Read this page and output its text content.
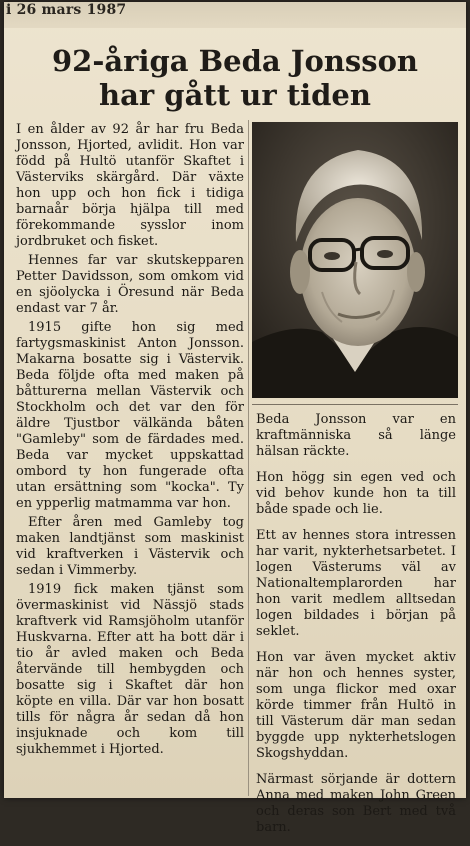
i 26 mars 1987
92-åriga Beda Jonsson
har gått ur tiden

I en ålder av 92 år har fru Beda Jonsson, Hjorted, avlidit. Hon var född på Hultö utanför Skaftet i Västerviks skärgård. Där växte hon upp och hon fick i tidiga barnaår börja hjälpa till med förekommande sysslor inom jordbruket och fisket.

Hennes far var skutskepparen Petter Davidsson, som omkom vid en sjöolycka i Öresund när Beda endast var 7 år.

1915 gifte hon sig med fartygsmaskinist Anton Jonsson. Makarna bosatte sig i Västervik. Beda följde ofta med maken på båtturerna mellan Västervik och Stockholm och det var den för äldre Tjustbor välkända båten "Gamleby" som de färdades med. Beda var mycket uppskattad ombord ty hon fungerade ofta utan ersättning som "kocka". Ty en ypperlig matmamma var hon.

Efter åren med Gamleby tog maken landtjänst som maskinist vid kraftverken i Västervik och sedan i Vimmerby.

1919 fick maken tjänst som övermaskinist vid Nässjö stads kraftverk vid Ramsjöholm utanför Huskvarna. Efter att ha bott där i tio år avled maken och Beda återvände till hembygden och bosatte sig i Skaftet där hon köpte en villa. Där var hon bosatt tills för några år sedan då hon insjuknade och kom till sjukhemmet i Hjorted.

Beda Jonsson var en kraftmänniska så länge hälsan räckte.

Hon högg sin egen ved och vid behov kunde hon ta till både spade och lie.

Ett av hennes stora intressen har varit, nykterhetsarbetet. I logen Västerums väl av Nationaltemplarorden har hon varit medlem alltsedan logen bildades i början på seklet.

Hon var även mycket aktiv när hon och hennes syster, som unga flickor med oxar körde timmer från Hultö in till Västerum där man sedan byggde upp nykterhetslogen Skogshyddan.

Närmast sörjande är dottern Anna med maken John Green och deras son Bert med två barn.
